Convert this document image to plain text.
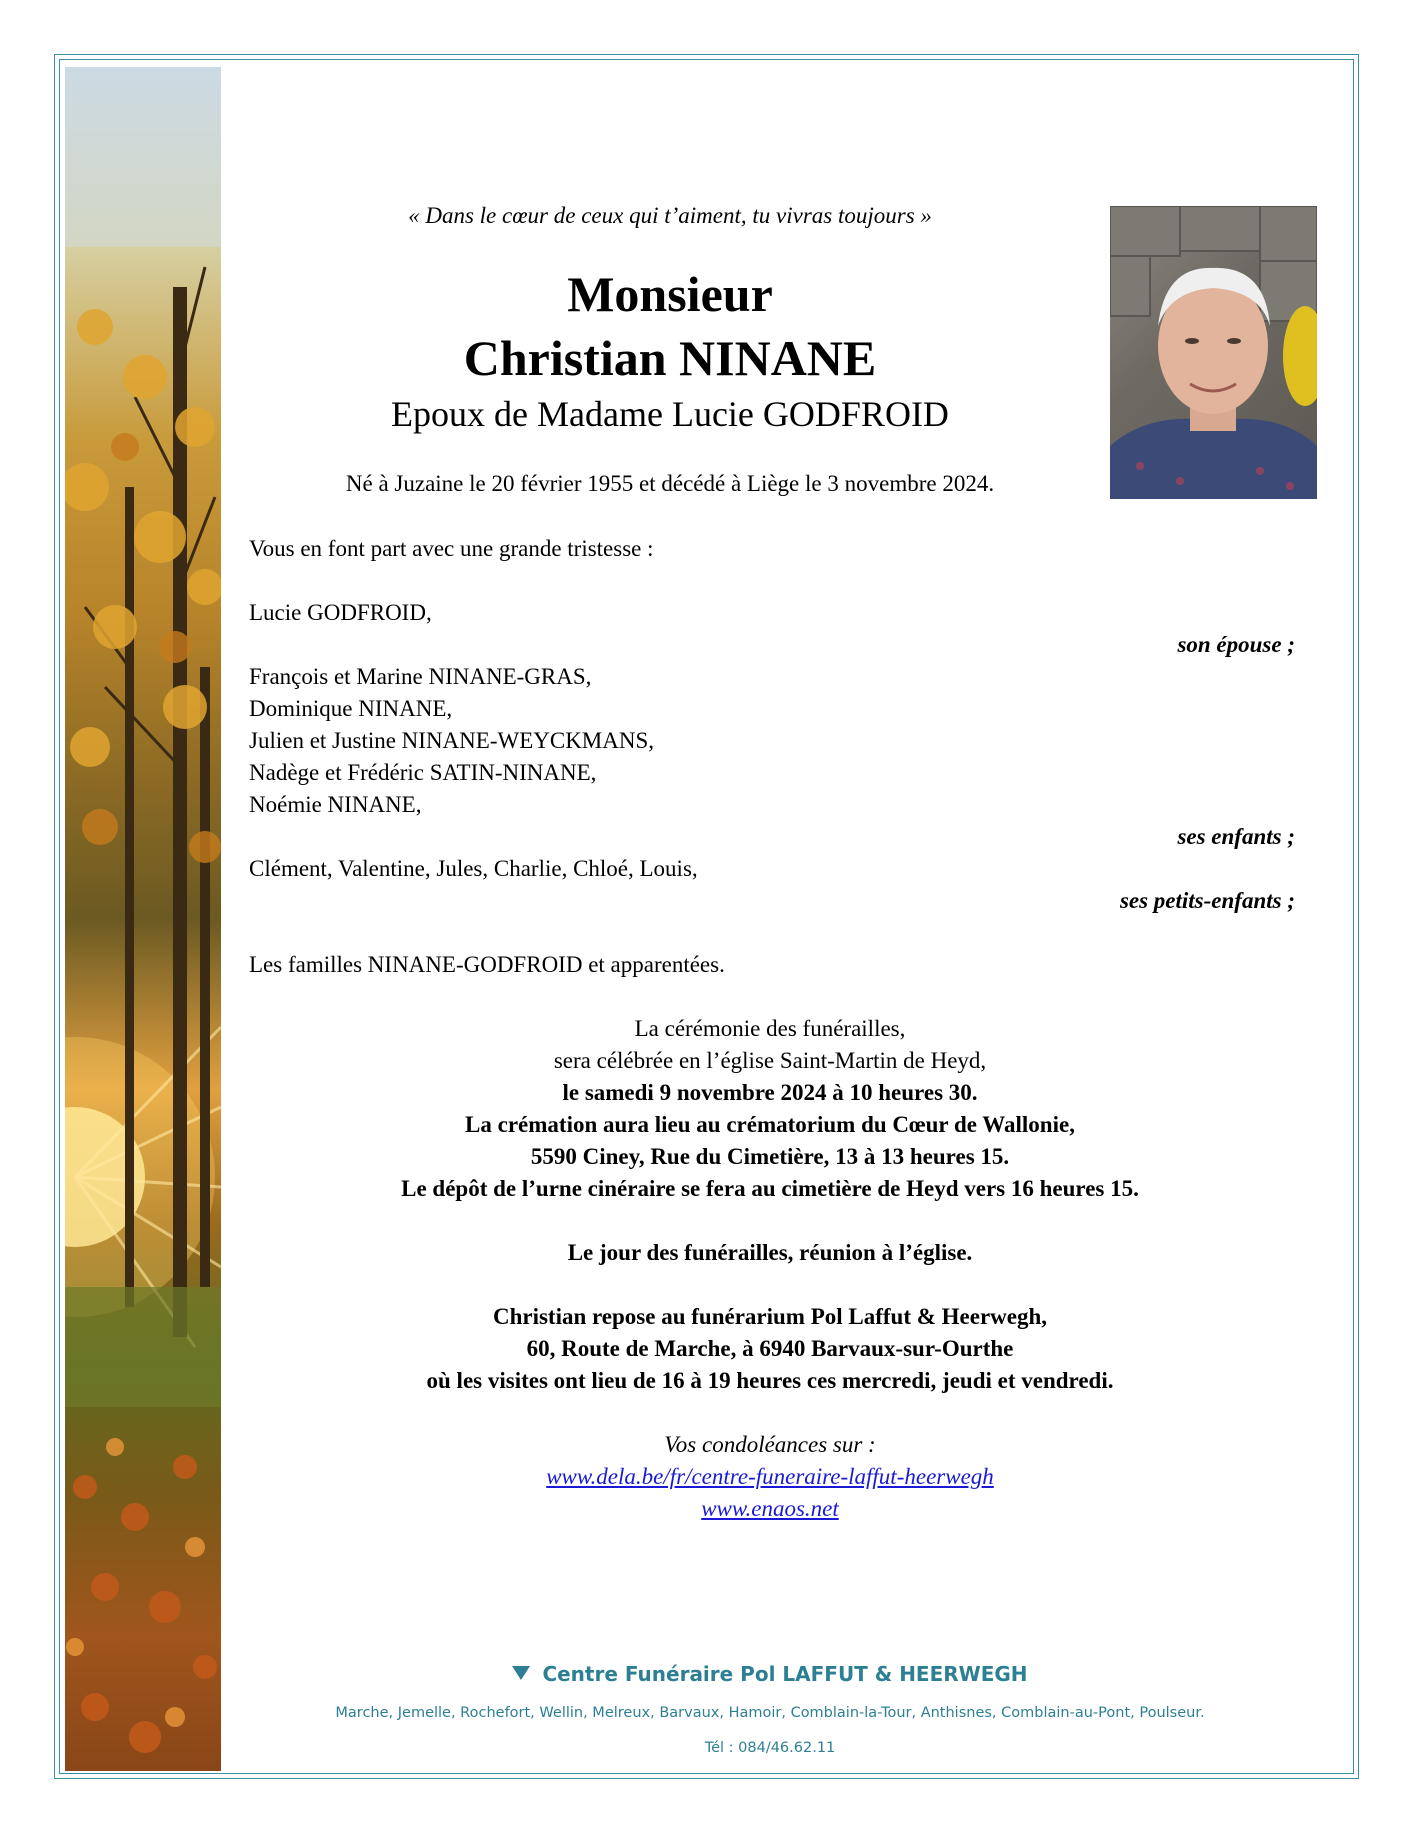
« Dans le cœur de ceux qui t’aiment, tu vivras toujours »
Monsieur
Christian NINANE
Epoux de Madame Lucie GODFROID
Né à Juzaine le 20 février 1955 et décédé à Liège le 3 novembre 2024.
Vous en font part avec une grande tristesse :
Lucie GODFROID,
son épouse ;
François et Marine NINANE-GRAS,
Dominique NINANE,
Julien et Justine NINANE-WEYCKMANS,
Nadège et Frédéric SATIN-NINANE,
Noémie NINANE,
ses enfants ;
Clément, Valentine, Jules, Charlie, Chloé, Louis,
ses petits-enfants ;
Les familles NINANE-GODFROID et apparentées.
La cérémonie des funérailles,
sera célébrée en l’église Saint-Martin de Heyd,
le samedi 9 novembre 2024 à 10 heures 30.
La crémation aura lieu au crématorium du Cœur de Wallonie,
5590 Ciney, Rue du Cimetière, 13 à 13 heures 15.
Le dépôt de l’urne cinéraire se fera au cimetière de Heyd vers 16 heures 15.
Le jour des funérailles, réunion à l’église.
Christian repose au funérarium Pol Laffut & Heerwegh,
60, Route de Marche, à 6940 Barvaux-sur-Ourthe
où les visites ont lieu de 16 à 19 heures ces mercredi, jeudi et vendredi.
Vos condoléances sur :
www.dela.be/fr/centre-funeraire-laffut-heerwegh
www.enaos.net
Centre Funéraire Pol LAFFUT & HEERWEGH
Marche, Jemelle, Rochefort, Wellin, Melreux, Barvaux, Hamoir, Comblain-la-Tour, Anthisnes, Comblain-au-Pont, Poulseur.
Tél : 084/46.62.11
